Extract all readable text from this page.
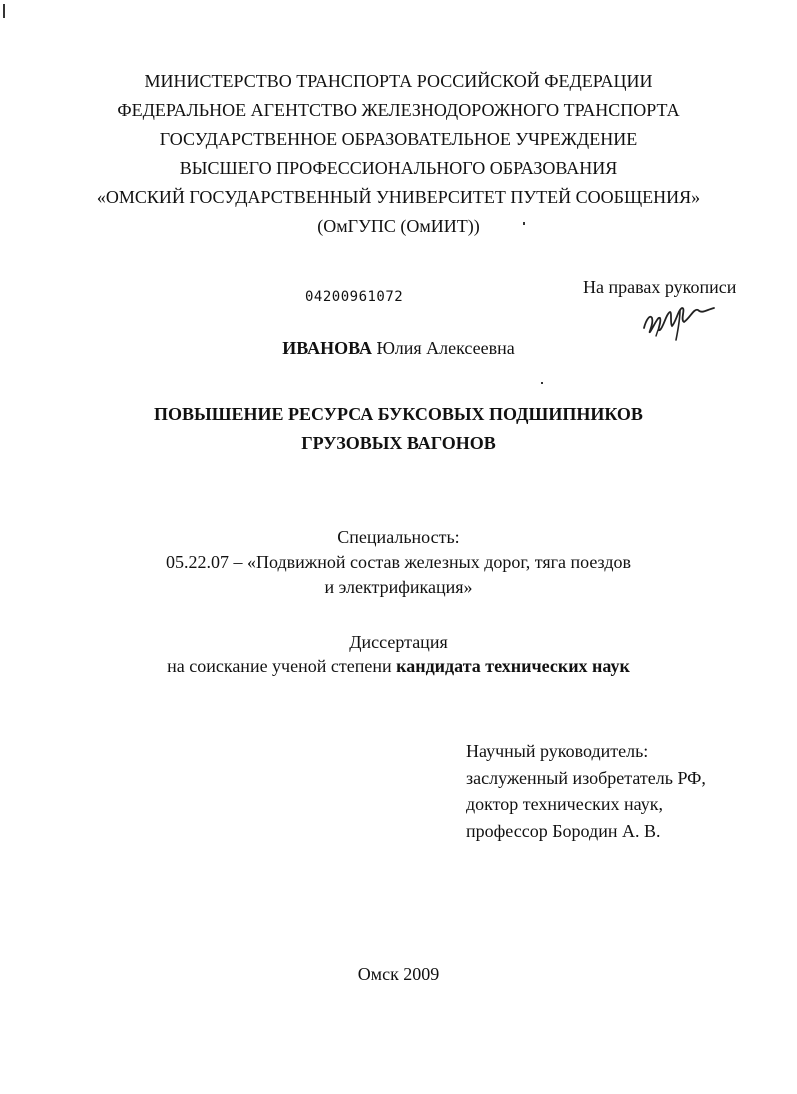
МИНИСТЕРСТВО ТРАНСПОРТА РОССИЙСКОЙ ФЕДЕРАЦИИ
ФЕДЕРАЛЬНОЕ АГЕНТСТВО ЖЕЛЕЗНОДОРОЖНОГО ТРАНСПОРТА
ГОСУДАРСТВЕННОЕ ОБРАЗОВАТЕЛЬНОЕ УЧРЕЖДЕНИЕ
ВЫСШЕГО ПРОФЕССИОНАЛЬНОГО ОБРАЗОВАНИЯ
«ОМСКИЙ ГОСУДАРСТВЕННЫЙ УНИВЕРСИТЕТ ПУТЕЙ СООБЩЕНИЯ»
(ОмГУПС (ОмИИТ))
04200961072	На правах рукописи
ИВАНОВА Юлия Алексеевна
ПОВЫШЕНИЕ РЕСУРСА БУКСОВЫХ ПОДШИПНИКОВ
ГРУЗОВЫХ ВАГОНОВ
Специальность:
05.22.07 – «Подвижной состав железных дорог, тяга поездов
и электрификация»
Диссертация
на соискание ученой степени кандидата технических наук
Научный руководитель:
заслуженный изобретатель РФ,
доктор технических наук,
профессор Бородин А. В.
Омск 2009
